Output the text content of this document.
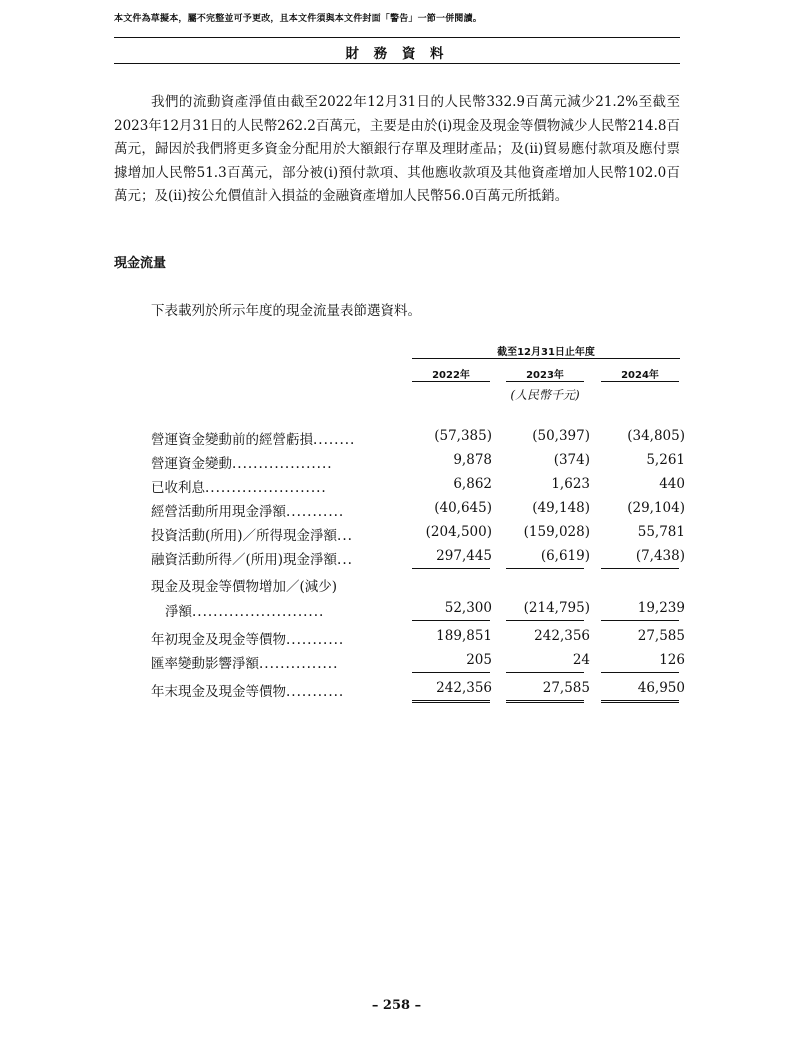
本文件為草擬本，屬不完整並可予更改，且本文件須與本文件封面「警告」一節一併閱讀。
財 務 資 料
我們的流動資產淨值由截至2022年12月31日的人民幣332.9百萬元減少21.2%至截至2023年12月31日的人民幣262.2百萬元，主要是由於(i)現金及現金等價物減少人民幣214.8百萬元，歸因於我們將更多資金分配用於大額銀行存單及理財產品；及(ii)貿易應付款項及應付票據增加人民幣51.3百萬元，部分被(i)預付款項、其他應收款項及其他資產增加人民幣102.0百萬元；及(ii)按公允價值計入損益的金融資產增加人民幣56.0百萬元所抵銷。
現金流量
下表載列於所示年度的現金流量表節選資料。
截至12月31日止年度
2022年	2023年	2024年
(人民幣千元)
營運資金變動前的經營虧損........	(57,385)	(50,397)	(34,805)
營運資金變動...................	9,878	(374)	5,261
已收利息.......................	6,862	1,623	440
經營活動所用現金淨額...........	(40,645)	(49,148)	(29,104)
投資活動(所用)／所得現金淨額...	(204,500)	(159,028)	55,781
融資活動所得／(所用)現金淨額...	297,445	(6,619)	(7,438)
現金及現金等價物增加／(減少)
淨額.........................	52,300	(214,795)	19,239
年初現金及現金等價物...........	189,851	242,356	27,585
匯率變動影響淨額...............	205	24	126
年末現金及現金等價物...........	242,356	27,585	46,950
– 258 –
